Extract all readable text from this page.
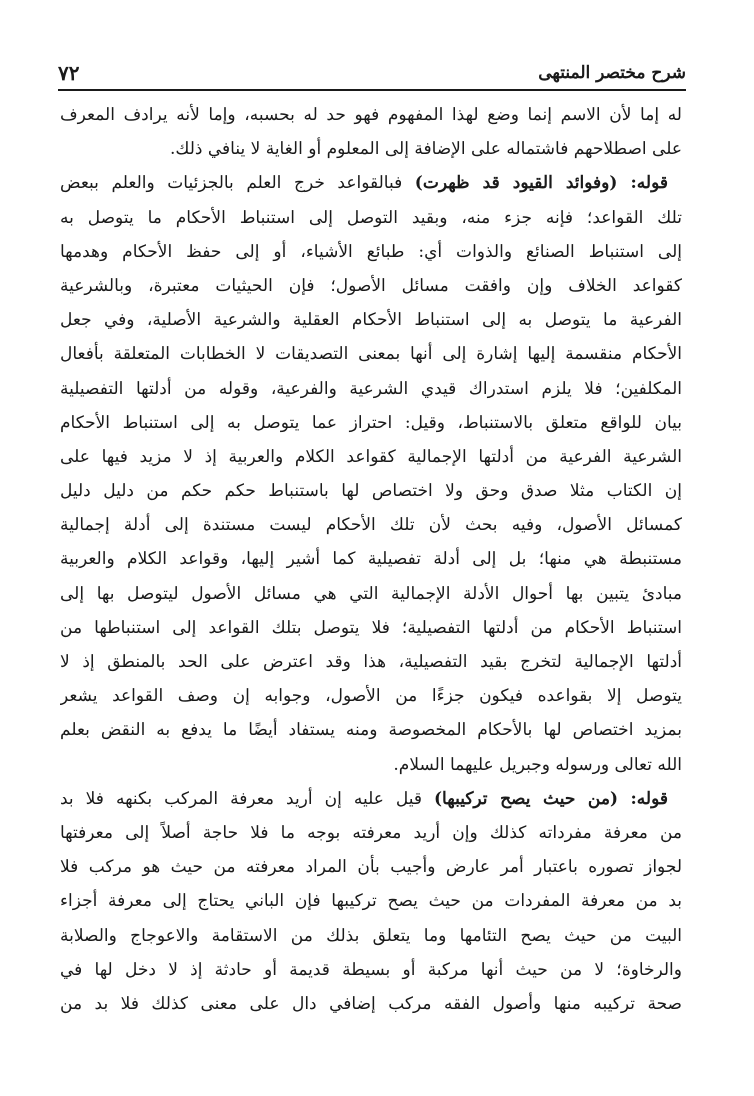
٧٢	شرح مختصر المنتهى
له إما لأن الاسم إنما وضع لهذا المفهوم فهو حد له بحسبه، وإما لأنه يرادف المعرف
على اصطلاحهم فاشتماله على الإضافة إلى المعلوم أو الغاية لا ينافي ذلك.
قوله: (وفوائد القيود قد ظهرت) فبالقواعد خرج العلم بالجزئيات والعلم ببعض
تلك القواعد؛ فإنه جزء منه، وبقيد التوصل إلى استنباط الأحكام ما يتوصل به
إلى استنباط الصنائع والذوات أي: طبائع الأشياء، أو إلى حفظ الأحكام وهدمها
كقواعد الخلاف وإن وافقت مسائل الأصول؛ فإن الحيثيات معتبرة، وبالشرعية
الفرعية ما يتوصل به إلى استنباط الأحكام العقلية والشرعية الأصلية، وفي جعل
الأحكام منقسمة إليها إشارة إلى أنها بمعنى التصديقات لا الخطابات المتعلقة بأفعال
المكلفين؛ فلا يلزم استدراك قيدي الشرعية والفرعية، وقوله من أدلتها التفصيلية
بيان للواقع متعلق بالاستنباط، وقيل: احتراز عما يتوصل به إلى استنباط الأحكام
الشرعية الفرعية من أدلتها الإجمالية كقواعد الكلام والعربية إذ لا مزيد فيها على
إن الكتاب مثلا صدق وحق ولا اختصاص لها باستنباط حكم حكم من دليل دليل
كمسائل الأصول، وفيه بحث لأن تلك الأحكام ليست مستندة إلى أدلة إجمالية
مستنبطة هي منها؛ بل إلى أدلة تفصيلية كما أشير إليها، وقواعد الكلام والعربية
مبادئ يتبين بها أحوال الأدلة الإجمالية التي هي مسائل الأصول ليتوصل بها إلى
استنباط الأحكام من أدلتها التفصيلية؛ فلا يتوصل بتلك القواعد إلى استنباطها من
أدلتها الإجمالية لتخرج بقيد التفصيلية، هذا وقد اعترض على الحد بالمنطق إذ لا
يتوصل إلا بقواعده فيكون جزءًا من الأصول، وجوابه إن وصف القواعد يشعر
بمزيد اختصاص لها بالأحكام المخصوصة ومنه يستفاد أيضًا ما يدفع به النقض بعلم
الله تعالى ورسوله وجبريل عليهما السلام.
قوله: (من حيث يصح تركيبها) قيل عليه إن أريد معرفة المركب بكنهه فلا بد
من معرفة مفرداته كذلك وإن أريد معرفته بوجه ما فلا حاجة أصلاً إلى معرفتها
لجواز تصوره باعتبار أمر عارض وأجيب بأن المراد معرفته من حيث هو مركب فلا
بد من معرفة المفردات من حيث يصح تركيبها فإن الباني يحتاج إلى معرفة أجزاء
البيت من حيث يصح التئامها وما يتعلق بذلك من الاستقامة والاعوجاج والصلابة
والرخاوة؛ لا من حيث أنها مركبة أو بسيطة قديمة أو حادثة إذ لا دخل لها في
صحة تركيبه منها وأصول الفقه مركب إضافي دال على معنى كذلك فلا بد من
